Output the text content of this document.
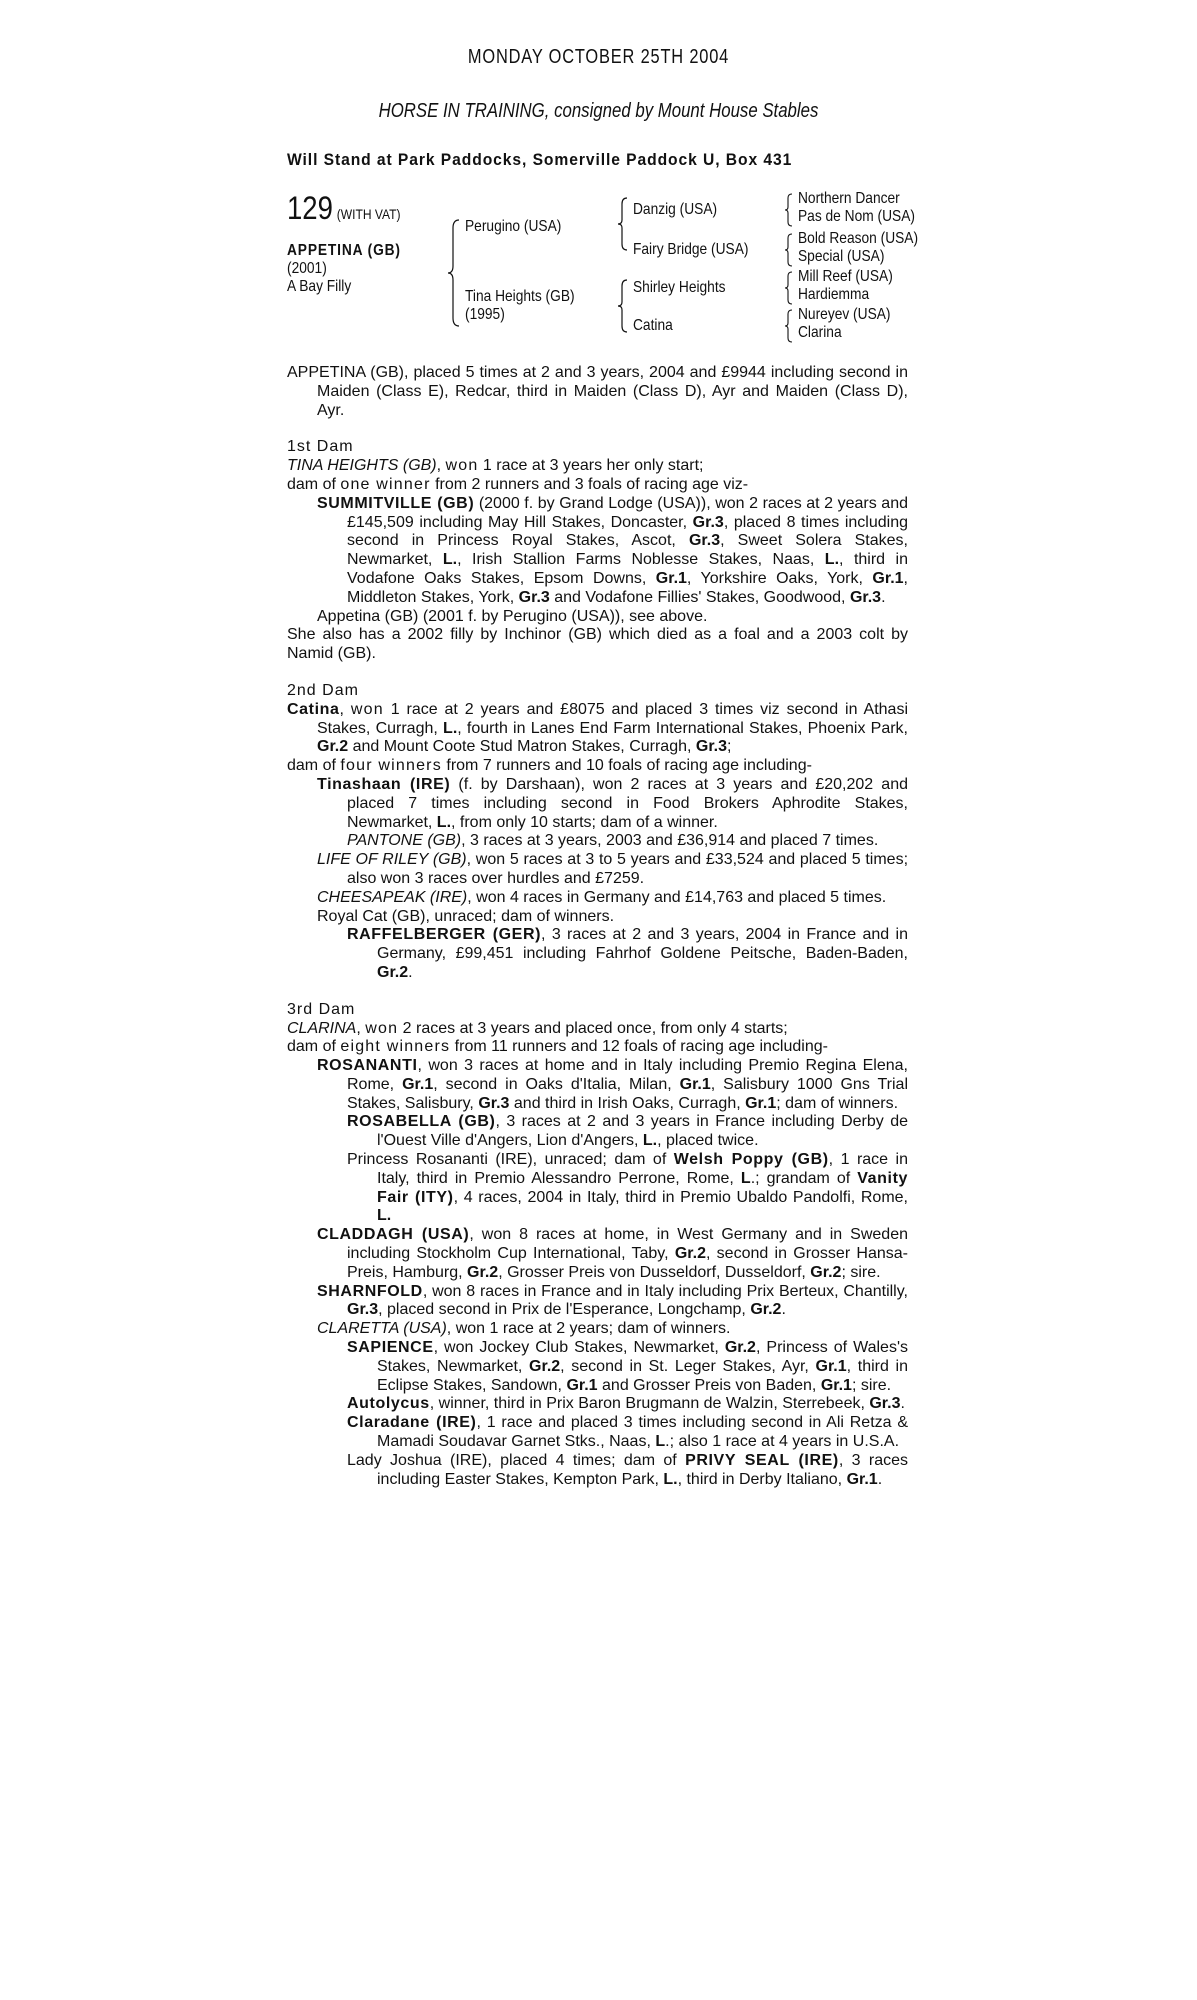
MONDAY OCTOBER 25TH 2004
HORSE IN TRAINING, consigned by Mount House Stables
Will Stand at Park Paddocks, Somerville Paddock U, Box 431
129 (WITH VAT)
APPETINA (GB)
(2001)
A Bay Filly
Perugino (USA)
Tina Heights (GB)
(1995)
Danzig (USA)
Fairy Bridge (USA)
Shirley Heights
Catina
Northern Dancer
Pas de Nom (USA)
Bold Reason (USA)
Special (USA)
Mill Reef (USA)
Hardiemma
Nureyev (USA)
Clarina

APPETINA (GB), placed 5 times at 2 and 3 years, 2004 and £9944 including second in Maiden (Class E), Redcar, third in Maiden (Class D), Ayr and Maiden (Class D), Ayr.

1st Dam

TINA HEIGHTS (GB), won 1 race at 3 years her only start;

dam of one winner from 2 runners and 3 foals of racing age viz-

SUMMITVILLE (GB) (2000 f. by Grand Lodge (USA)), won 2 races at 2 years and £145,509 including May Hill Stakes, Doncaster, Gr.3, placed 8 times including second in Princess Royal Stakes, Ascot, Gr.3, Sweet Solera Stakes, Newmarket, L., Irish Stallion Farms Noblesse Stakes, Naas, L., third in Vodafone Oaks Stakes, Epsom Downs, Gr.1, Yorkshire Oaks, York, Gr.1, Middleton Stakes, York, Gr.3 and Vodafone Fillies' Stakes, Goodwood, Gr.3.

Appetina (GB) (2001 f. by Perugino (USA)), see above.

She also has a 2002 filly by Inchinor (GB) which died as a foal and a 2003 colt by Namid (GB).

2nd Dam

Catina, won 1 race at 2 years and £8075 and placed 3 times viz second in Athasi Stakes, Curragh, L., fourth in Lanes End Farm International Stakes, Phoenix Park, Gr.2 and Mount Coote Stud Matron Stakes, Curragh, Gr.3;

dam of four winners from 7 runners and 10 foals of racing age including-

Tinashaan (IRE) (f. by Darshaan), won 2 races at 3 years and £20,202 and placed 7 times including second in Food Brokers Aphrodite Stakes, Newmarket, L., from only 10 starts; dam of a winner.

PANTONE (GB), 3 races at 3 years, 2003 and £36,914 and placed 7 times.

LIFE OF RILEY (GB), won 5 races at 3 to 5 years and £33,524 and placed 5 times; also won 3 races over hurdles and £7259.

CHEESAPEAK (IRE), won 4 races in Germany and £14,763 and placed 5 times.

Royal Cat (GB), unraced; dam of winners.

RAFFELBERGER (GER), 3 races at 2 and 3 years, 2004 in France and in Germany, £99,451 including Fahrhof Goldene Peitsche, Baden-Baden, Gr.2.

3rd Dam

CLARINA, won 2 races at 3 years and placed once, from only 4 starts;

dam of eight winners from 11 runners and 12 foals of racing age including-

ROSANANTI, won 3 races at home and in Italy including Premio Regina Elena, Rome, Gr.1, second in Oaks d'Italia, Milan, Gr.1, Salisbury 1000 Gns Trial Stakes, Salisbury, Gr.3 and third in Irish Oaks, Curragh, Gr.1; dam of winners.

ROSABELLA (GB), 3 races at 2 and 3 years in France including Derby de l'Ouest Ville d'Angers, Lion d'Angers, L., placed twice.

Princess Rosananti (IRE), unraced; dam of Welsh Poppy (GB), 1 race in Italy, third in Premio Alessandro Perrone, Rome, L.; grandam of Vanity Fair (ITY), 4 races, 2004 in Italy, third in Premio Ubaldo Pandolfi, Rome, L.

CLADDAGH (USA), won 8 races at home, in West Germany and in Sweden including Stockholm Cup International, Taby, Gr.2, second in Grosser Hansa-Preis, Hamburg, Gr.2, Grosser Preis von Dusseldorf, Dusseldorf, Gr.2; sire.

SHARNFOLD, won 8 races in France and in Italy including Prix Berteux, Chantilly, Gr.3, placed second in Prix de l'Esperance, Longchamp, Gr.2.

CLARETTA (USA), won 1 race at 2 years; dam of winners.

SAPIENCE, won Jockey Club Stakes, Newmarket, Gr.2, Princess of Wales's Stakes, Newmarket, Gr.2, second in St. Leger Stakes, Ayr, Gr.1, third in Eclipse Stakes, Sandown, Gr.1 and Grosser Preis von Baden, Gr.1; sire.

Autolycus, winner, third in Prix Baron Brugmann de Walzin, Sterrebeek, Gr.3.

Claradane (IRE), 1 race and placed 3 times including second in Ali Retza & Mamadi Soudavar Garnet Stks., Naas, L.; also 1 race at 4 years in U.S.A.

Lady Joshua (IRE), placed 4 times; dam of PRIVY SEAL (IRE), 3 races including Easter Stakes, Kempton Park, L., third in Derby Italiano, Gr.1.
